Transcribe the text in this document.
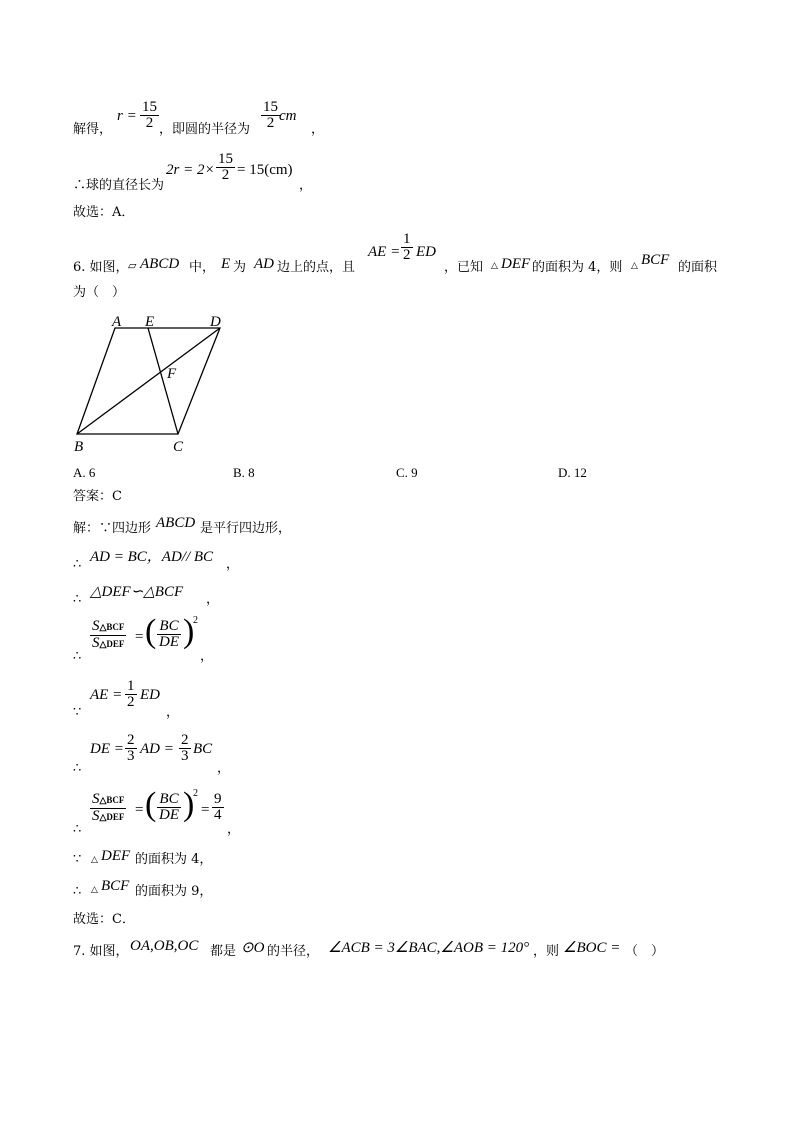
解得，
$r = \frac{15}{2}$ ，即圆的半径为 $\frac{15}{2}$ cm
，
∴球的直径长为
$2r = 2\times \frac{15}{2} = 15(cm)$
，
故选：A．
6. 如图， ▱ ABCD 中， E 为 AD 边上的点，且
AE = $\frac{1}{2}$ ED
，已知 △ DEF 的面积为 4，则 △ BCF 的面积
为（　）
A E	D
F
B	C
A. 6	B. 8	C. 9	D. 12
答案：C
解：∵四边形 ABCD 是平行四边形，
∴ AD = BC，AD// BC ，
∴ △DEF∽△BCF ，
∴
S△BCF
S△DEF = ( $\frac{BC}{DE}$ )
2
，
∵
AE = $\frac{1}{2}$ ED
，
∴
DE = $\frac{2}{3}$ AD = $\frac{2}{3}$ BC
，
∴
S△BCF
S△DEF = ( $\frac{BC}{DE}$ )
2
= $\frac{9}{4}$
，
∵ △ DEF 的面积为 4，
∴ △ BCF 的面积为 9，
故选：C．
7. 如图， OA,OB,OC 都是 ⊙O 的半径， ∠ACB = 3∠BAC,∠AOB = 120° ，则 ∠BOC = （　）
